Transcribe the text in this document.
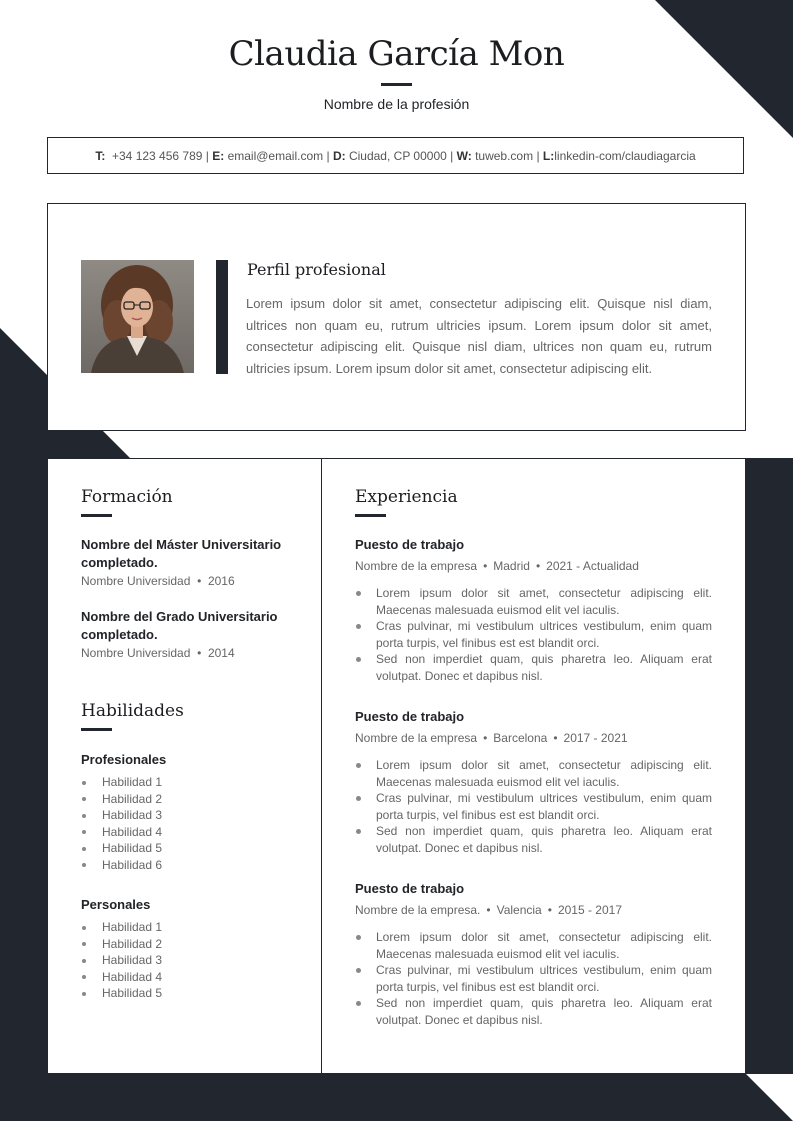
Claudia García Mon
Nombre de la profesión
T:
+34 123 456 789
|
E:
email@email.com
|
D:
Ciudad, CP 00000
|
W:
tuweb.com
|
L: linkedin-com/claudiagarcia
Perfil profesional
Lorem ipsum dolor sit amet, consectetur adipiscing elit. Quisque nisl diam, ultrices non quam eu, rutrum ultricies ipsum. Lorem ipsum dolor sit amet, consectetur adipiscing elit. Quisque nisl diam, ultrices non quam eu, rutrum ultricies ipsum. Lorem ipsum dolor sit amet, consectetur adipiscing elit.
Formación
Nombre del Máster Universitario completado.
Nombre Universidad • 2016
Nombre del Grado Universitario completado.
Nombre Universidad • 2014
Habilidades
Profesionales
Habilidad 1
Habilidad 2
Habilidad 3
Habilidad 4
Habilidad 5
Habilidad 6
Personales
Habilidad 1
Habilidad 2
Habilidad 3
Habilidad 4
Habilidad 5
Experiencia
Puesto de trabajo
Nombre de la empresa • Madrid • 2021 - Actualidad
Lorem ipsum dolor sit amet, consectetur adipiscing elit. Maecenas malesuada euismod elit vel iaculis.
Cras pulvinar, mi vestibulum ultrices vestibulum, enim quam porta turpis, vel finibus est est blandit orci.
Sed non imperdiet quam, quis pharetra leo. Aliquam erat volutpat. Donec et dapibus nisl.
Puesto de trabajo
Nombre de la empresa • Barcelona • 2017 - 2021
Lorem ipsum dolor sit amet, consectetur adipiscing elit. Maecenas malesuada euismod elit vel iaculis.
Cras pulvinar, mi vestibulum ultrices vestibulum, enim quam porta turpis, vel finibus est est blandit orci.
Sed non imperdiet quam, quis pharetra leo. Aliquam erat volutpat. Donec et dapibus nisl.
Puesto de trabajo
Nombre de la empresa. • Valencia • 2015 - 2017
Lorem ipsum dolor sit amet, consectetur adipiscing elit. Maecenas malesuada euismod elit vel iaculis.
Cras pulvinar, mi vestibulum ultrices vestibulum, enim quam porta turpis, vel finibus est est blandit orci.
Sed non imperdiet quam, quis pharetra leo. Aliquam erat volutpat. Donec et dapibus nisl.
